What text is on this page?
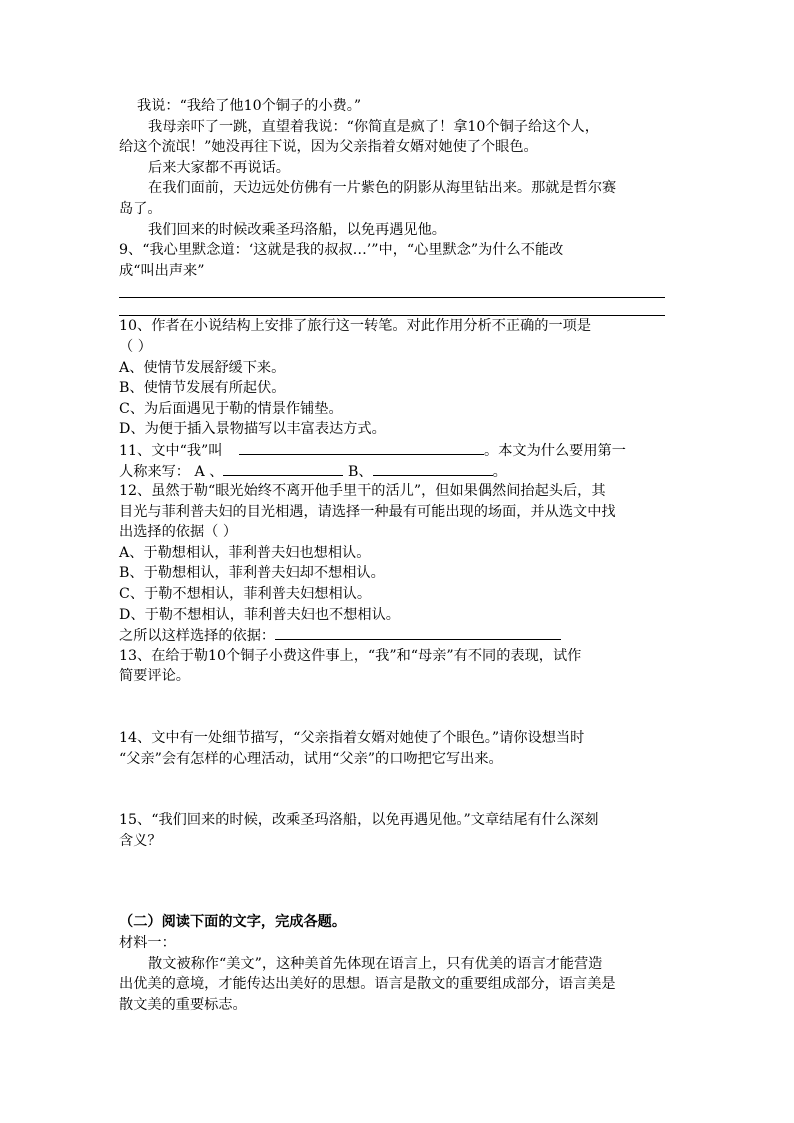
我说：“我给了他10个铜子的小费。”
我母亲吓了一跳，直望着我说：“你简直是疯了！拿10个铜子给这个人，
给这个流氓！”她没再往下说，因为父亲指着女婿对她使了个眼色。
后来大家都不再说话。
在我们面前，天边远处仿佛有一片紫色的阴影从海里钻出来。那就是哲尔赛
岛了。
我们回来的时候改乘圣玛洛船，以免再遇见他。
9、“我心里默念道：‘这就是我的叔叔…’”中，“心里默念”为什么不能改
成“叫出声来”
10、作者在小说结构上安排了旅行这一转笔。对此作用分析不正确的一项是
（ ）
A、使情节发展舒缓下来。
B、使情节发展有所起伏。
C、为后面遇见于勒的情景作铺垫。
D、为便于插入景物描写以丰富表达方式。
11、文中“我”叫	。本文为什么要用第一
人称来写： A 、	B、	。
12、虽然于勒“眼光始终不离开他手里干的活儿”，但如果偶然间抬起头后，其
目光与菲利普夫妇的目光相遇，请选择一种最有可能出现的场面，并从选文中找
出选择的依据（ ）
A、于勒想相认，菲利普夫妇也想相认。
B、于勒想相认，菲利普夫妇却不想相认。
C、于勒不想相认，菲利普夫妇想相认。
D、于勒不想相认，菲利普夫妇也不想相认。
之所以这样选择的依据：
13、在给于勒10个铜子小费这件事上，“我”和“母亲”有不同的表现，试作
简要评论。
14、文中有一处细节描写，“父亲指着女婿对她使了个眼色。”请你设想当时
“父亲”会有怎样的心理活动，试用“父亲”的口吻把它写出来。
15、“我们回来的时候，改乘圣玛洛船，以免再遇见他。”文章结尾有什么深刻
含义？
（二）阅读下面的文字，完成各题。
材料一：
散文被称作“美文”，这种美首先体现在语言上，只有优美的语言才能营造
出优美的意境，才能传达出美好的思想。语言是散文的重要组成部分，语言美是
散文美的重要标志。
